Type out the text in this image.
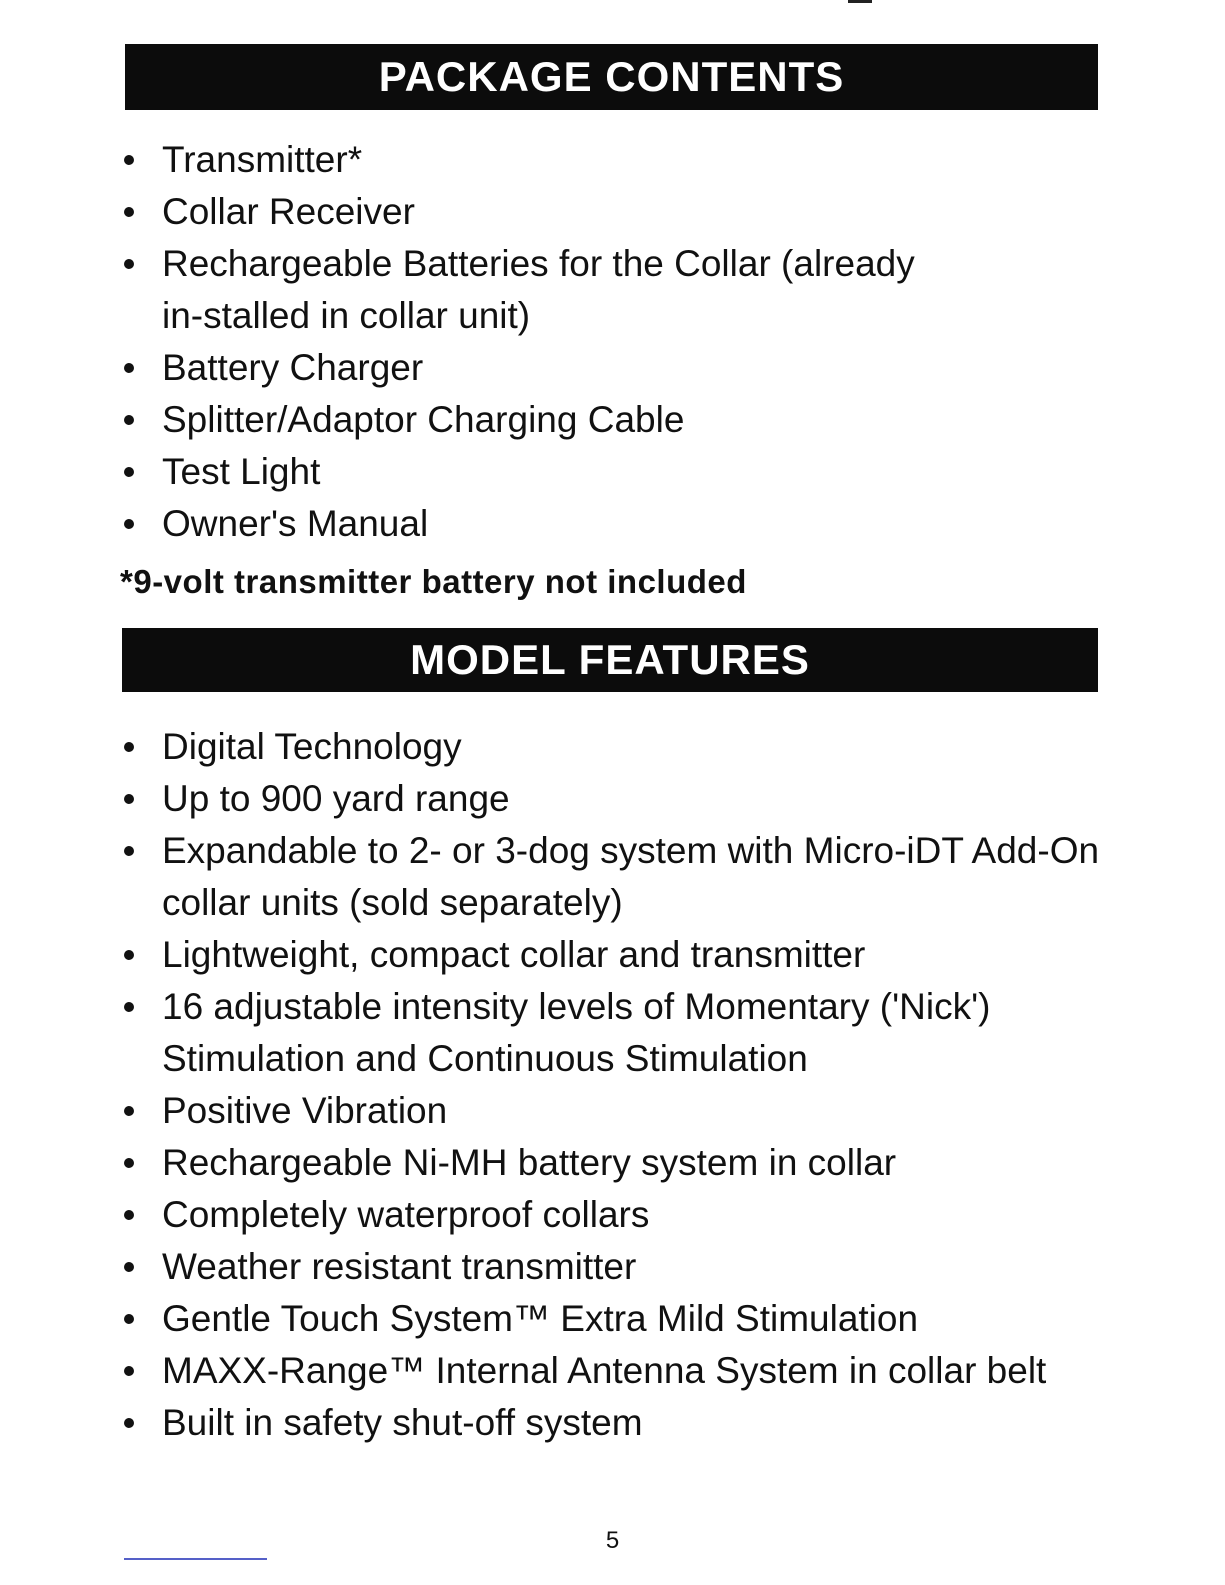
PACKAGE CONTENTS
Transmitter*
Collar Receiver
Rechargeable Batteries for the Collar (already in-stalled in collar unit)
Battery Charger
Splitter/Adaptor Charging Cable
Test Light
Owner's Manual
*9-volt transmitter battery not included
MODEL FEATURES
Digital Technology
Up to 900 yard range
Expandable to 2- or 3-dog system with Micro-iDT Add-On collar units (sold separately)
Lightweight, compact collar and transmitter
16 adjustable intensity levels of Momentary ('Nick') Stimulation and Continuous Stimulation
Positive Vibration
Rechargeable Ni-MH battery system in collar
Completely waterproof collars
Weather resistant transmitter
Gentle Touch System™ Extra Mild Stimulation
MAXX-Range™ Internal Antenna System in collar belt
Built in safety shut-off system
5
